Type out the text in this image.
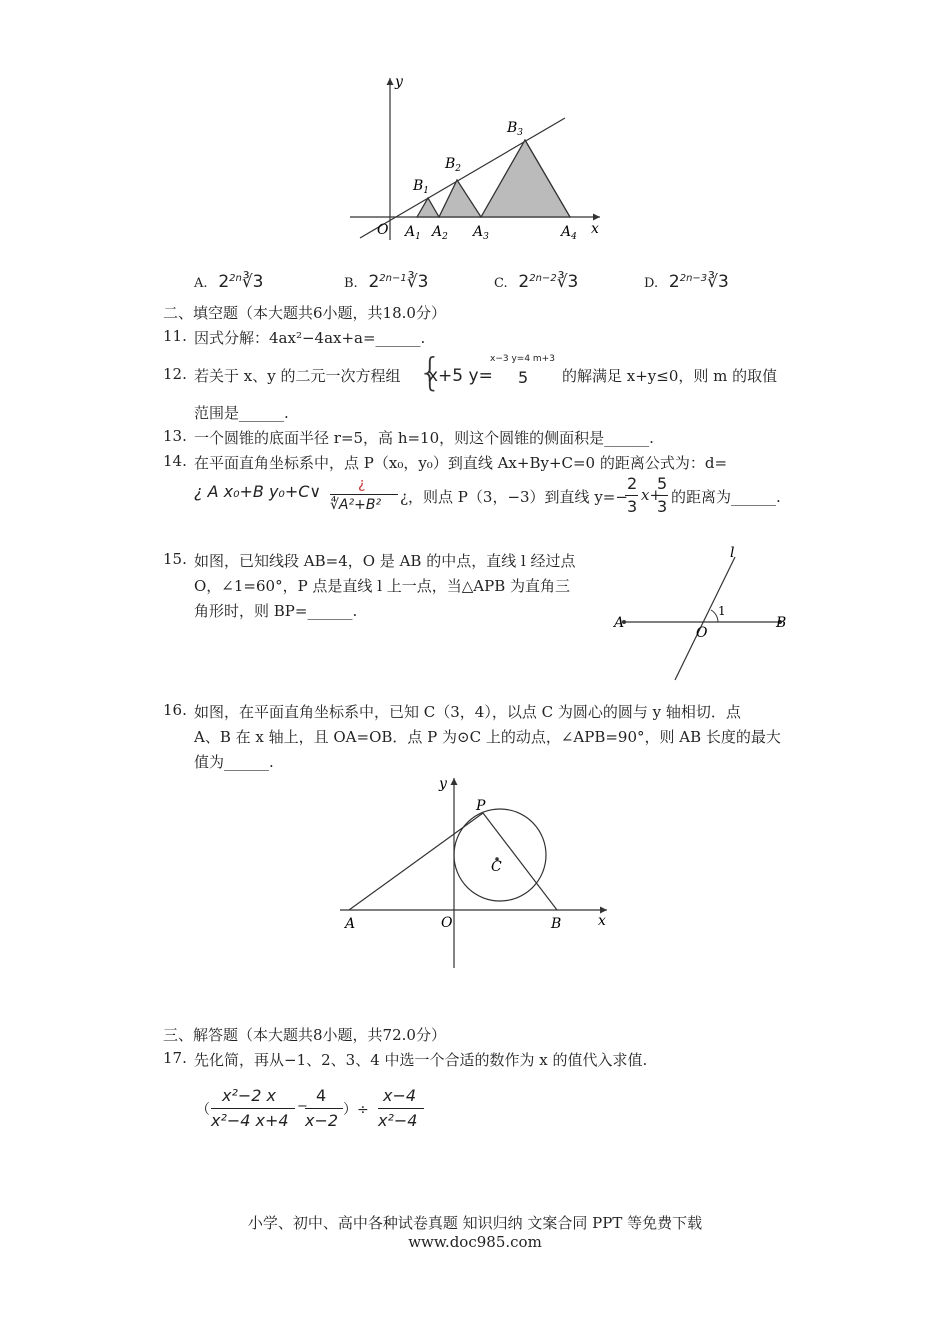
y
x
O $A_1$ $A_2$ $A_3$	$A_4$
$B_1$
$B_2$
$B_3$
A. $2^{2n}∛3$	B. $2^{2n-1}∛3$	C. $2^{2n-2}∛3$	D. $2^{2n-3}∛3$
二、填空题（本大题共6小题，共18.0分）
11. 因式分解：4ax²−4ax+a=______.
12. 若关于 x、y 的二元一次方程组 {	x−3 y=4 m+3
x+5 y= 5 的解满足 x+y≤0，则 m 的取值
范围是______.
13. 一个圆锥的底面半径 r=5，高 h=10，则这个圆锥的侧面积是______.
14. 在平面直角坐标系中，点 P（x₀，y₀）到直线 Ax+By+C=0 的距离公式为：d=
¿ A x₀+B y₀+C∨	¿
∜A²+B² ¿，则点 P（3，−3）到直线 y=−
2
3
x+
5
3 的距离为______.
15. 如图，已知线段 AB=4，O 是 AB 的中点，直线 l 经过点
O，∠1=60°，P 点是直线 l 上一点，当△APB 为直角三
角形时，则 BP=______.
l
A	B
O
1
16. 如图，在平面直角坐标系中，已知 C（3，4），以点 C 为圆心的圆与 y 轴相切．点
A、B 在 x 轴上，且 OA=OB．点 P 为⊙C 上的动点，∠APB=90°，则 AB 长度的最大
值为______.
y
x
P
C
A	O	B
三、解答题（本大题共8小题，共72.0分）
17. 先化简，再从−1、2、3、4 中选一个合适的数作为 x 的值代入求值.
（
x²−2 x
x²−4 x+4
−
4
x−2
）÷
x−4
x²−4
小学、初中、高中各种试卷真题 知识归纳 文案合同 PPT 等免费下载
www.doc985.com
